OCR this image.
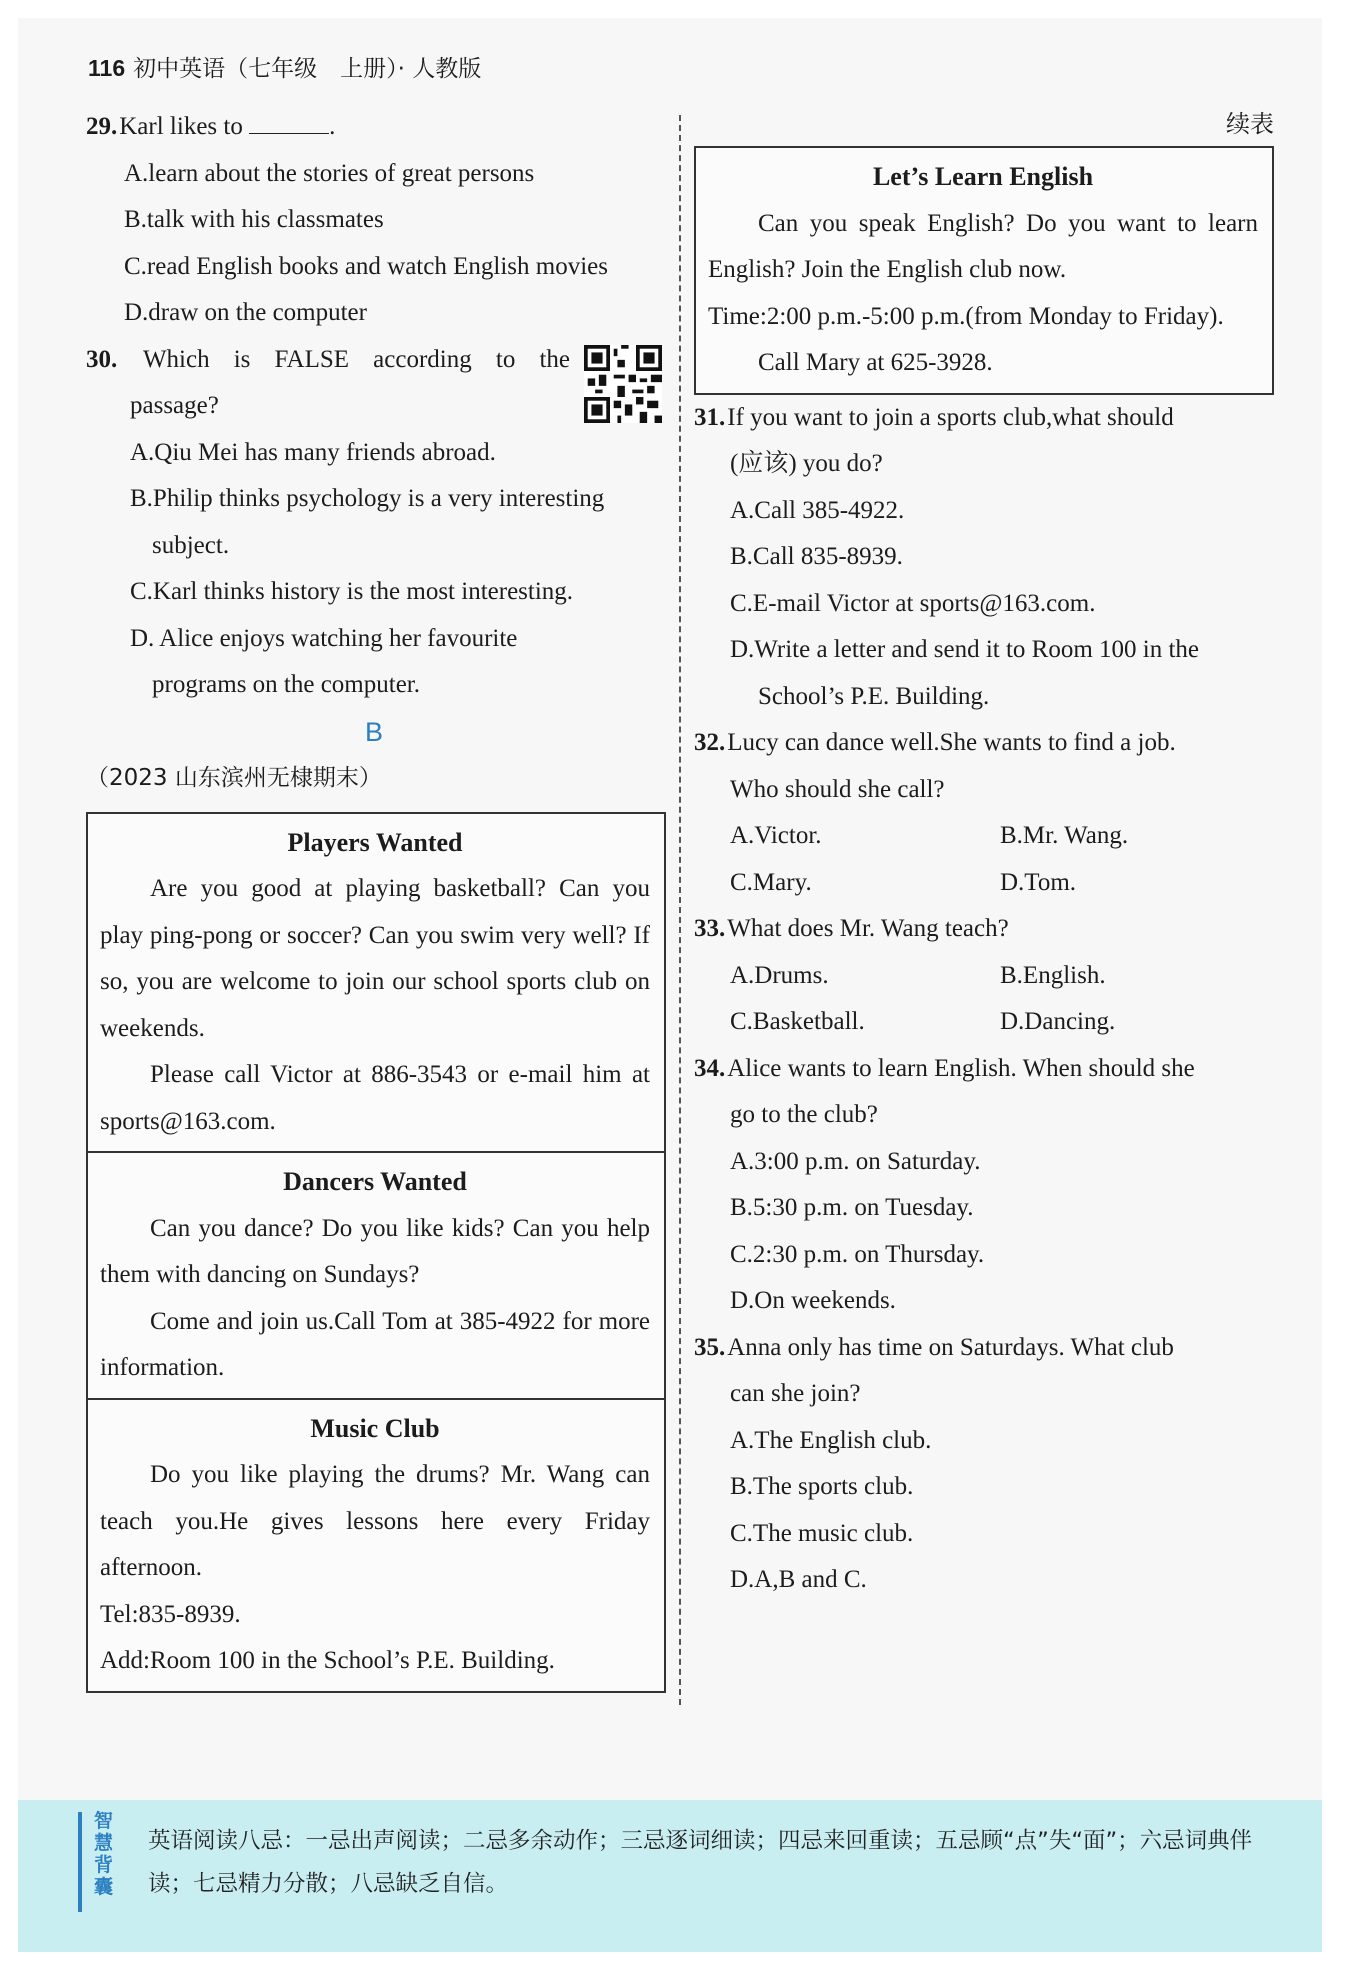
116 初中英语（七年级　上册）· 人教版
29.Karl likes to	.
A.learn about the stories of great persons
B.talk with his classmates
C.read English books and watch English movies
D.draw on the computer
30. Which is FALSE according to the
passage?
A.Qiu Mei has many friends abroad.
B.Philip thinks psychology is a very interesting
subject.
C.Karl thinks history is the most interesting.
D. Alice enjoys watching her favourite
programs on the computer.
B
（2023 山东滨州无棣期末）
Players Wanted

Are you good at playing basketball? Can you play ping-pong or soccer? Can you swim very well? If so, you are welcome to join our school sports club on weekends.

Please call Victor at 886-3543 or e-mail him at sports@163.com.

Dancers Wanted

Can you dance? Do you like kids? Can you help them with dancing on Sundays?

Come and join us.Call Tom at 385-4922 for more information.

Music Club

Do you like playing the drums? Mr. Wang can teach you.He gives lessons here every Friday afternoon.

Tel:835-8939.

Add:Room 100 in the School’s P.E. Building.

续表
Let’s Learn English

Can you speak English? Do you want to learn English? Join the English club now.

Time:2:00 p.m.-5:00 p.m.(from Monday to Friday).

Call Mary at 625-3928.

31.If you want to join a sports club,what should
(应该) you do?
A.Call 385-4922.
B.Call 835-8939.
C.E-mail Victor at sports@163.com.
D.Write a letter and send it to Room 100 in the
School’s P.E. Building.
32.Lucy can dance well.She wants to find a job.
Who should she call?
A.Victor.	B.Mr. Wang.
C.Mary.	D.Tom.
33.What does Mr. Wang teach?
A.Drums.	B.English.
C.Basketball.	D.Dancing.
34.Alice wants to learn English. When should she
go to the club?
A.3:00 p.m. on Saturday.
B.5:30 p.m. on Tuesday.
C.2:30 p.m. on Thursday.
D.On weekends.
35.Anna only has time on Saturdays. What club
can she join?
A.The English club.
B.The sports club.
C.The music club.
D.A,B and C.
智慧背囊
英语阅读八忌：一忌出声阅读；二忌多余动作；三忌逐词细读；四忌来回重读；五忌顾“点”失“面”；六忌词典伴读；七忌精力分散；八忌缺乏自信。
